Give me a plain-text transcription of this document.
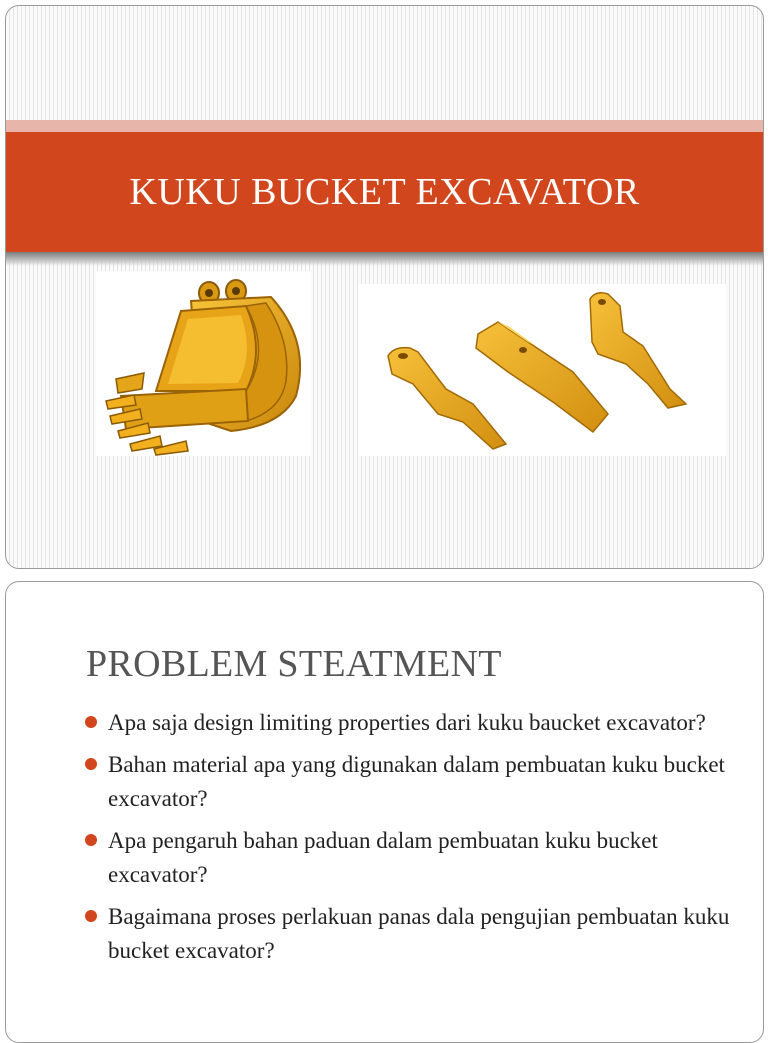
KUKU BUCKET EXCAVATOR
PROBLEM STEATMENT
Apa saja design limiting properties dari kuku baucket excavator?
Bahan material apa yang digunakan dalam pembuatan kuku bucket excavator?
Apa pengaruh bahan paduan dalam pembuatan kuku bucket excavator?
Bagaimana proses perlakuan panas dala pengujian pembuatan kuku bucket excavator?
